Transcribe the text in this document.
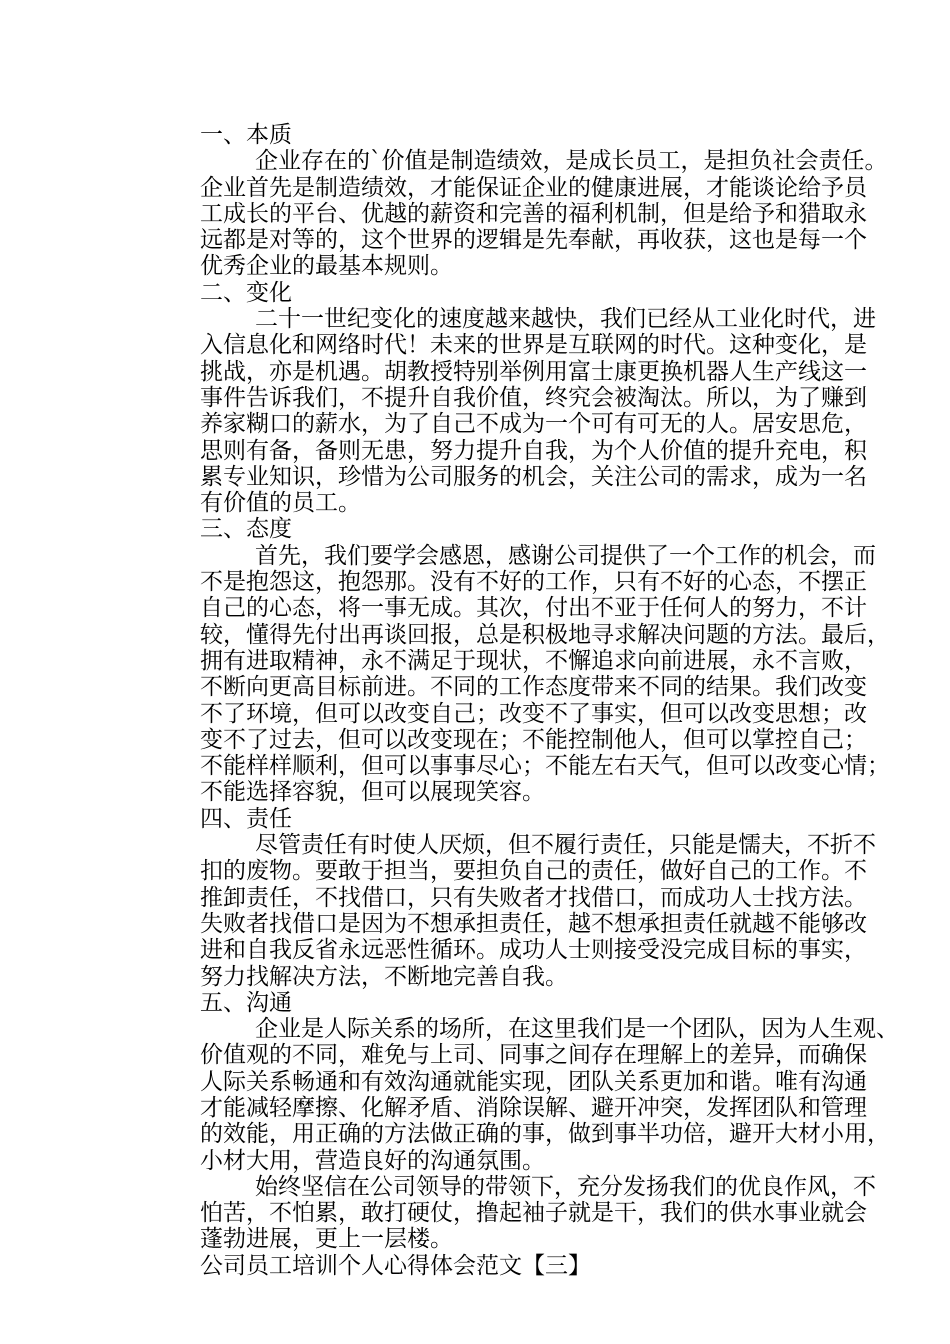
一、本质

企业存在的`价值是制造绩效，是成长员工，是担负社会责任。
企业首先是制造绩效，才能保证企业的健康进展，才能谈论给予员
工成长的平台、优越的薪资和完善的福利机制，但是给予和猎取永
远都是对等的，这个世界的逻辑是先奉献，再收获，这也是每一个
优秀企业的最基本规则。

二、变化

二十一世纪变化的速度越来越快，我们已经从工业化时代，进
入信息化和网络时代！未来的世界是互联网的时代。这种变化，是
挑战，亦是机遇。胡教授特别举例用富士康更换机器人生产线这一
事件告诉我们，不提升自我价值，终究会被淘汰。所以，为了赚到
养家糊口的薪水，为了自己不成为一个可有可无的人。居安思危，
思则有备，备则无患，努力提升自我，为个人价值的提升充电，积
累专业知识，珍惜为公司服务的机会，关注公司的需求，成为一名
有价值的员工。

三、态度

首先，我们要学会感恩，感谢公司提供了一个工作的机会，而
不是抱怨这，抱怨那。没有不好的工作，只有不好的心态，不摆正
自己的心态，将一事无成。其次，付出不亚于任何人的努力，不计
较，懂得先付出再谈回报，总是积极地寻求解决问题的方法。最后，
拥有进取精神，永不满足于现状，不懈追求向前进展，永不言败，
不断向更高目标前进。不同的工作态度带来不同的结果。我们改变
不了环境，但可以改变自己；改变不了事实，但可以改变思想；改
变不了过去，但可以改变现在；不能控制他人，但可以掌控自己；
不能样样顺利，但可以事事尽心；不能左右天气，但可以改变心情；
不能选择容貌，但可以展现笑容。

四、责任

尽管责任有时使人厌烦，但不履行责任，只能是懦夫，不折不
扣的废物。要敢于担当，要担负自己的责任，做好自己的工作。不
推卸责任，不找借口，只有失败者才找借口，而成功人士找方法。
失败者找借口是因为不想承担责任，越不想承担责任就越不能够改
进和自我反省永远恶性循环。成功人士则接受没完成目标的事实，
努力找解决方法，不断地完善自我。

五、沟通

企业是人际关系的场所，在这里我们是一个团队，因为人生观、
价值观的不同，难免与上司、同事之间存在理解上的差异，而确保
人际关系畅通和有效沟通就能实现，团队关系更加和谐。唯有沟通
才能减轻摩擦、化解矛盾、消除误解、避开冲突，发挥团队和管理
的效能，用正确的方法做正确的事，做到事半功倍，避开大材小用，
小材大用，营造良好的沟通氛围。
始终坚信在公司领导的带领下，充分发扬我们的优良作风，不
怕苦，不怕累，敢打硬仗，撸起袖子就是干，我们的供水事业就会
蓬勃进展，更上一层楼。

公司员工培训个人心得体会范文【三】
